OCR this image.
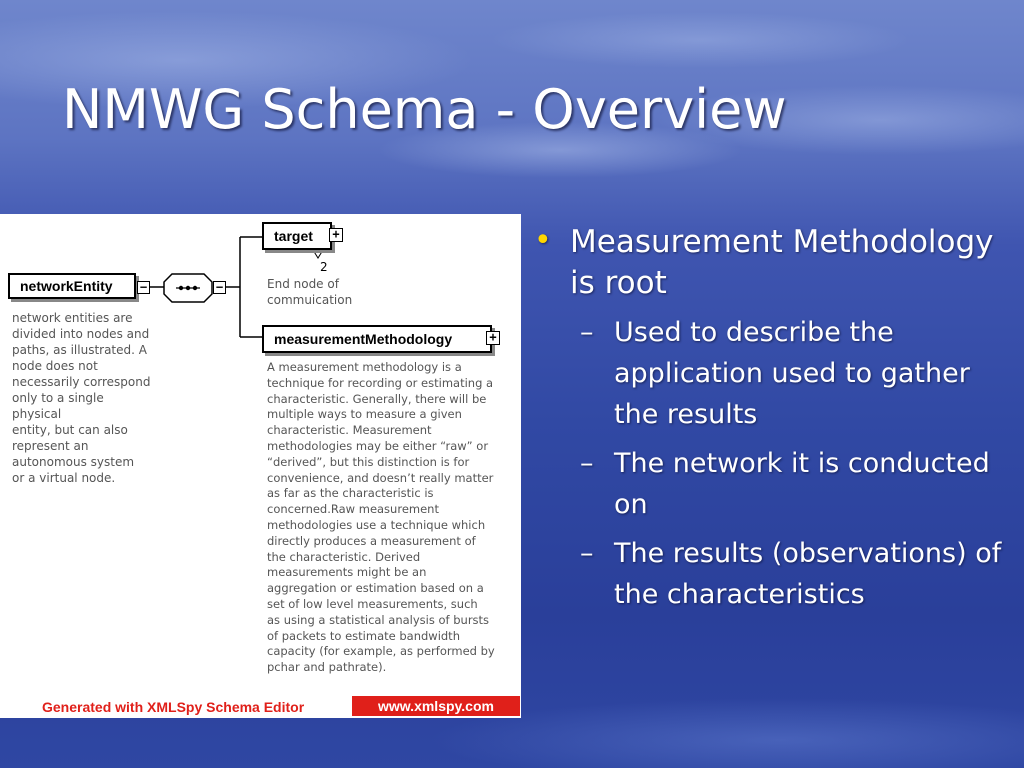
NMWG Schema - Overview
networkEntity	−	−
network entities are
divided into nodes and
paths, as illustrated. A
node does not
necessarily correspond
only to a single
physical
entity, but can also
represent an
autonomous system
or a virtual node.
target	+
2
End node of
commuication
measurementMethodology	+
A measurement methodology is a
technique for recording or estimating a
characteristic. Generally, there will be
multiple ways to measure a given
characteristic. Measurement
methodologies may be either “raw” or
“derived”, but this distinction is for
convenience, and doesn’t really matter
as far as the characteristic is
concerned.Raw measurement
methodologies use a technique which
directly produces a measurement of
the characteristic. Derived
measurements might be an
aggregation or estimation based on a
set of low level measurements, such
as using a statistical analysis of bursts
of packets to estimate bandwidth
capacity (for example, as performed by
pchar and pathrate).
Generated with XMLSpy Schema Editor	www.xmlspy.com
• Measurement Methodology is root
– Used to describe the application used to gather the results
– The network it is conducted on
– The results (observations) of the characteristics
